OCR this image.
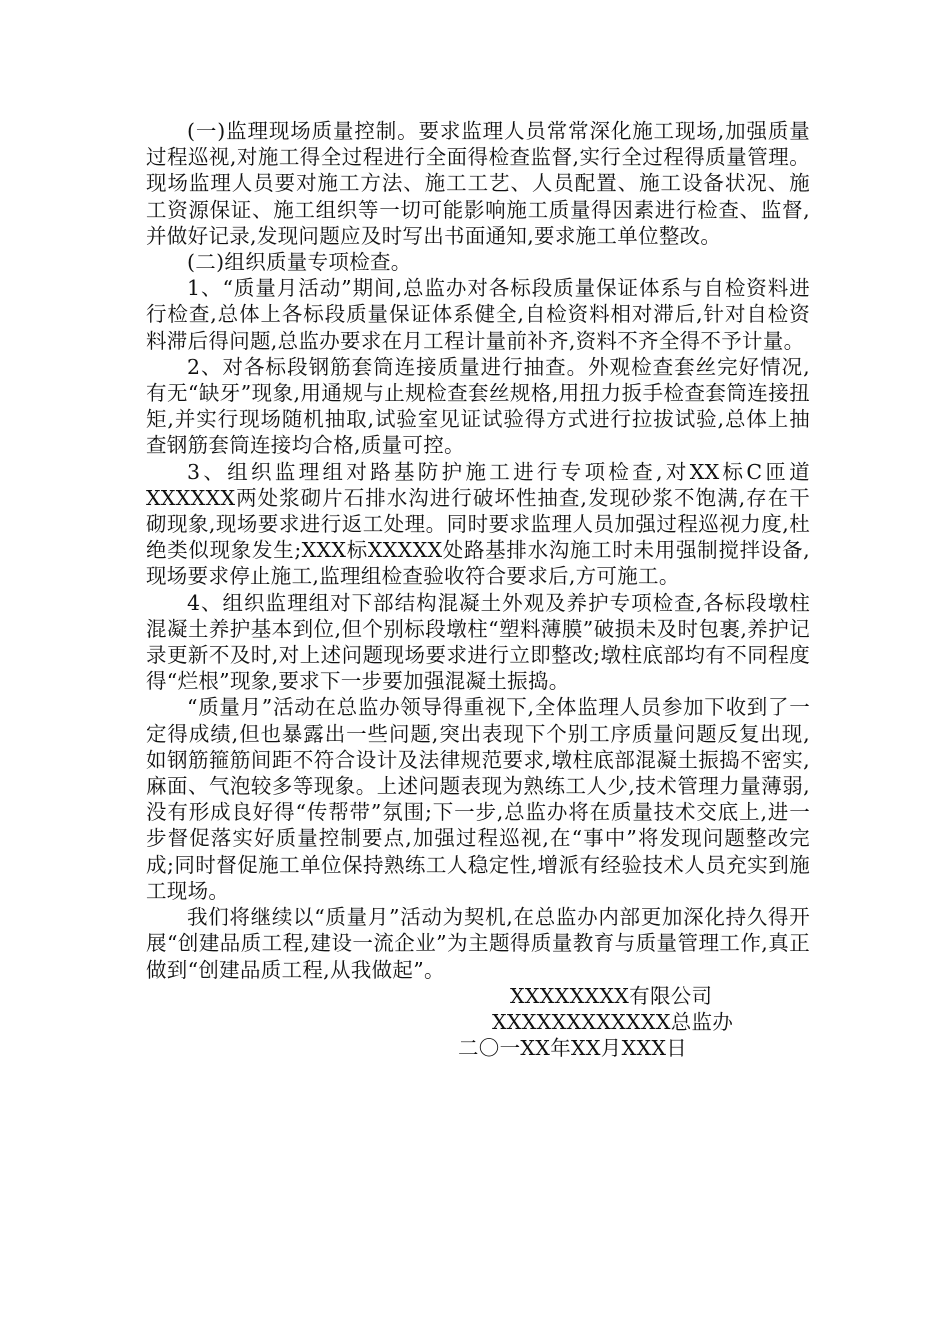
(一)监理现场质量控制。要求监理人员常常深化施工现场,加强质量过程巡视,对施工得全过程进行全面得检查监督,实行全过程得质量管理。现场监理人员要对施工方法、施工工艺、人员配置、施工设备状况、施工资源保证、施工组织等一切可能影响施工质量得因素进行检查、监督,并做好记录,发现问题应及时写出书面通知,要求施工单位整改。

(二)组织质量专项检查。

1、“质量月活动”期间,总监办对各标段质量保证体系与自检资料进行检查,总体上各标段质量保证体系健全,自检资料相对滞后,针对自检资料滞后得问题,总监办要求在月工程计量前补齐,资料不齐全得不予计量。

2、对各标段钢筋套筒连接质量进行抽查。外观检查套丝完好情况,有无“缺牙”现象,用通规与止规检查套丝规格,用扭力扳手检查套筒连接扭矩,并实行现场随机抽取,试验室见证试验得方式进行拉拔试验,总体上抽查钢筋套筒连接均合格,质量可控。

3、组织监理组对路基防护施工进行专项检查,对XX标C匝道XXXXXX两处浆砌片石排水沟进行破坏性抽查,发现砂浆不饱满,存在干砌现象,现场要求进行返工处理。同时要求监理人员加强过程巡视力度,杜绝类似现象发生;XXX标XXXXX处路基排水沟施工时未用强制搅拌设备,现场要求停止施工,监理组检查验收符合要求后,方可施工。

4、组织监理组对下部结构混凝土外观及养护专项检查,各标段墩柱混凝土养护基本到位,但个别标段墩柱“塑料薄膜”破损未及时包裹,养护记录更新不及时,对上述问题现场要求进行立即整改;墩柱底部均有不同程度得“烂根”现象,要求下一步要加强混凝土振捣。

“质量月”活动在总监办领导得重视下,全体监理人员参加下收到了一定得成绩,但也暴露出一些问题,突出表现下个别工序质量问题反复出现,如钢筋箍筋间距不符合设计及法律规范要求,墩柱底部混凝土振捣不密实,麻面、气泡较多等现象。上述问题表现为熟练工人少,技术管理力量薄弱,没有形成良好得“传帮带”氛围;下一步,总监办将在质量技术交底上,进一步督促落实好质量控制要点,加强过程巡视,在“事中”将发现问题整改完成;同时督促施工单位保持熟练工人稳定性,增派有经验技术人员充实到施工现场。

我们将继续以“质量月”活动为契机,在总监办内部更加深化持久得开展“创建品质工程,建设一流企业”为主题得质量教育与质量管理工作,真正做到“创建品质工程,从我做起”。

XXXXXXXX有限公司

XXXXXXXXXXXX总监办

二〇一XX年XX月XXX日
